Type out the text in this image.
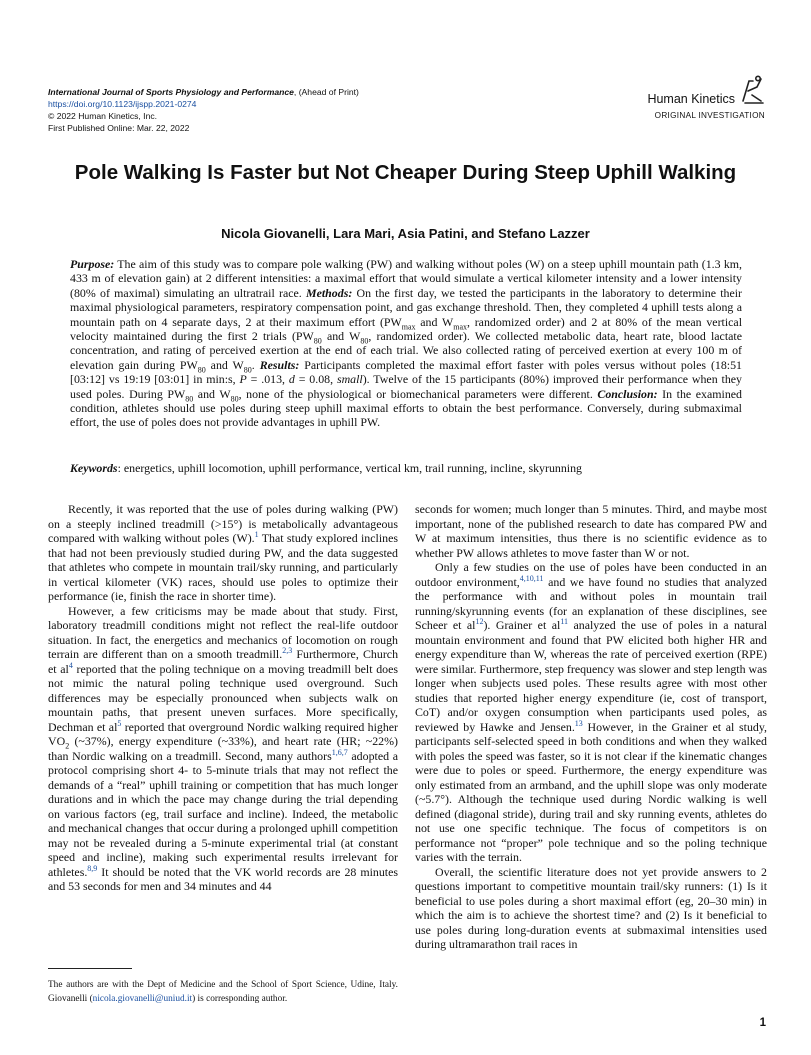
International Journal of Sports Physiology and Performance, (Ahead of Print)
https://doi.org/10.1123/ijspp.2021-0274
© 2022 Human Kinetics, Inc.
First Published Online: Mar. 22, 2022
Human Kinetics
ORIGINAL INVESTIGATION
Pole Walking Is Faster but Not Cheaper During Steep Uphill Walking
Nicola Giovanelli, Lara Mari, Asia Patini, and Stefano Lazzer
Purpose: The aim of this study was to compare pole walking (PW) and walking without poles (W) on a steep uphill mountain path (1.3 km, 433 m of elevation gain) at 2 different intensities: a maximal effort that would simulate a vertical kilometer intensity and a lower intensity (80% of maximal) simulating an ultratrail race. Methods: On the first day, we tested the participants in the laboratory to determine their maximal physiological parameters, respiratory compensation point, and gas exchange threshold. Then, they completed 4 uphill tests along a mountain path on 4 separate days, 2 at their maximum effort ($PW_{max}$ and $W_{max}$, randomized order) and 2 at 80% of the mean vertical velocity maintained during the first 2 trials ($PW_{80}$ and $W_{80}$, randomized order). We collected metabolic data, heart rate, blood lactate concentration, and rating of perceived exertion at the end of each trial. We also collected rating of perceived exertion at every 100 m of elevation gain during $PW_{80}$ and $W_{80}$. Results: Participants completed the maximal effort faster with poles versus without poles (18:51 [03:12] vs 19:19 [03:01] in min:s, P = .013, d = 0.08, small). Twelve of the 15 participants (80%) improved their performance when they used poles. During $PW_{80}$ and $W_{80}$, none of the physiological or biomechanical parameters were different. Conclusion: In the examined condition, athletes should use poles during steep uphill maximal efforts to obtain the best performance. Conversely, during submaximal effort, the use of poles does not provide advantages in uphill PW.
Keywords: energetics, uphill locomotion, uphill performance, vertical km, trail running, incline, skyrunning

Recently, it was reported that the use of poles during walking (PW) on a steeply inclined treadmill (>15°) is metabolically advantageous compared with walking without poles (W).$^1$ That study explored inclines that had not been previously studied during PW, and the data suggested that athletes who compete in mountain trail/sky running, and particularly in vertical kilometer (VK) races, should use poles to optimize their performance (ie, finish the race in shorter time).

However, a few criticisms may be made about that study. First, laboratory treadmill conditions might not reflect the real-life outdoor situation. In fact, the energetics and mechanics of locomotion on rough terrain are different than on a smooth treadmill.$^{2,3}$ Furthermore, Church et al$^4$ reported that the poling technique on a moving treadmill belt does not mimic the natural poling technique used overground. Such differences may be especially pronounced when subjects walk on mountain paths, that present uneven surfaces. More specifically, Dechman et al$^5$ reported that overground Nordic walking required higher $VO_2$ (~37%), energy expenditure (~33%), and heart rate (HR; ~22%) than Nordic walking on a treadmill. Second, many authors$^{1,6,7}$ adopted a protocol comprising short 4- to 5-minute trials that may not reflect the demands of a “real” uphill training or competition that has much longer durations and in which the pace may change during the trial depending on various factors (eg, trail surface and incline). Indeed, the metabolic and mechanical changes that occur during a prolonged uphill competition may not be revealed during a 5-minute experimental trial (at constant speed and incline), making such experimental results irrelevant for athletes.$^{8,9}$ It should be noted that the VK world records are 28 minutes and 53 seconds for men and 34 minutes and 44

seconds for women; much longer than 5 minutes. Third, and maybe most important, none of the published research to date has compared PW and W at maximum intensities, thus there is no scientific evidence as to whether PW allows athletes to move faster than W or not.

Only a few studies on the use of poles have been conducted in an outdoor environment,$^{4,10,11}$ and we have found no studies that analyzed the performance with and without poles in mountain trail running/skyrunning events (for an explanation of these disciplines, see Scheer et al$^{12}$). Grainer et al$^{11}$ analyzed the use of poles in a natural mountain environment and found that PW elicited both higher HR and energy expenditure than W, whereas the rate of perceived exertion (RPE) were similar. Furthermore, step frequency was slower and step length was longer when subjects used poles. These results agree with most other studies that reported higher energy expenditure (ie, cost of transport, CoT) and/or oxygen consumption when participants used poles, as reviewed by Hawke and Jensen.$^{13}$ However, in the Grainer et al study, participants self-selected speed in both conditions and when they walked with poles the speed was faster, so it is not clear if the kinematic changes were due to poles or speed. Furthermore, the energy expenditure was only estimated from an armband, and the uphill slope was only moderate (~5.7°). Although the technique used during Nordic walking is well defined (diagonal stride), during trail and sky running events, athletes do not use one specific technique. The focus of competitors is on performance not “proper” pole technique and so the poling technique varies with the terrain.

Overall, the scientific literature does not yet provide answers to 2 questions important to competitive mountain trail/sky runners: (1) Is it beneficial to use poles during a short maximal effort (eg, 20–30 min) in which the aim is to achieve the shortest time? and (2) Is it beneficial to use poles during long-duration events at submaximal intensities used during ultramarathon trail races in

The authors are with the Dept of Medicine and the School of Sport Science, Udine, Italy. Giovanelli (nicola.giovanelli@uniud.it) is corresponding author.
1
